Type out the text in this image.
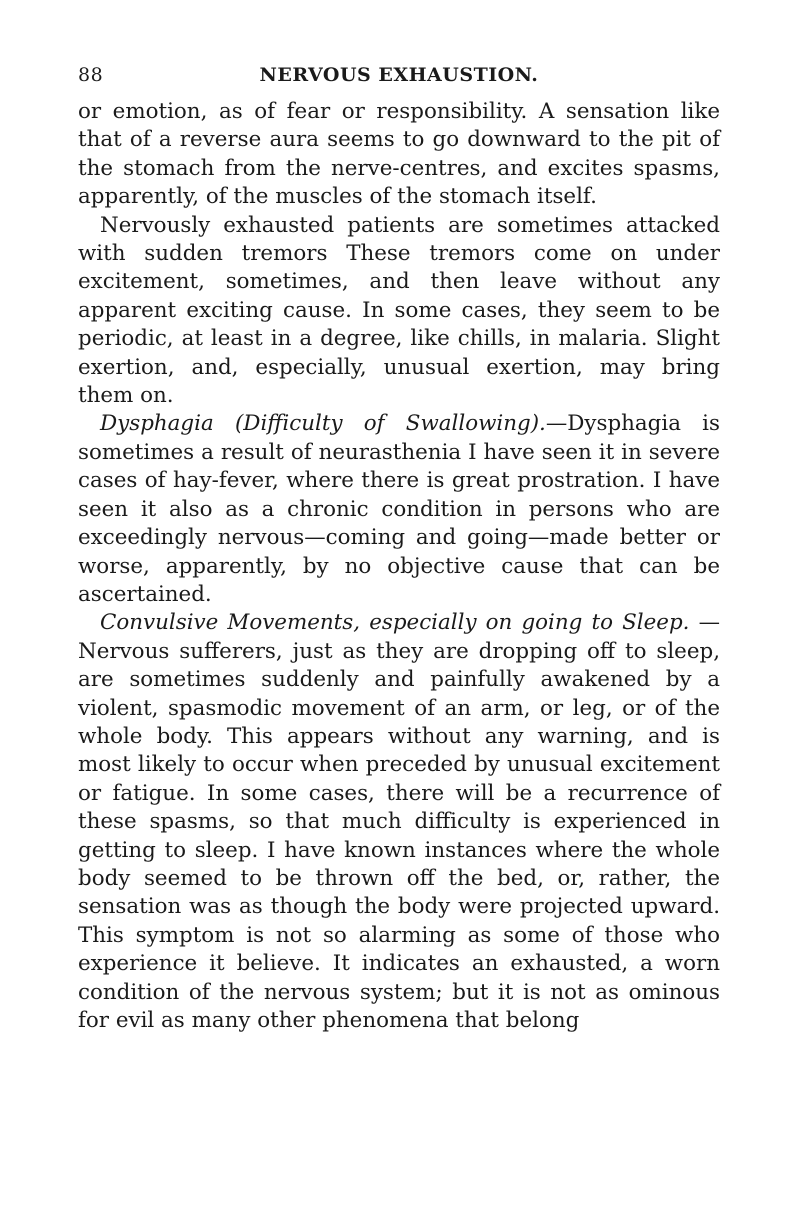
88	NERVOUS EXHAUSTION.

or emotion, as of fear or responsibility. A sensation like that of a reverse aura seems to go downward to the pit of the stomach from the nerve-centres, and excites spasms, apparently, of the muscles of the stomach itself.

Nervously exhausted patients are sometimes attacked with sudden tremors These tremors come on under excitement, sometimes, and then leave without any apparent exciting cause. In some cases, they seem to be periodic, at least in a degree, like chills, in malaria. Slight exertion, and, especially, unusual exertion, may bring them on.

Dysphagia (Difficulty of Swallowing).—Dysphagia is sometimes a result of neurasthenia I have seen it in severe cases of hay-fever, where there is great prostration. I have seen it also as a chronic condition in persons who are exceedingly nervous—coming and going—made better or worse, apparently, by no objective cause that can be ascertained.

Convulsive Movements, especially on going to Sleep. —Nervous sufferers, just as they are dropping off to sleep, are sometimes suddenly and painfully awakened by a violent, spasmodic movement of an arm, or leg, or of the whole body. This appears without any warning, and is most likely to occur when preceded by unusual excitement or fatigue. In some cases, there will be a recurrence of these spasms, so that much difficulty is experienced in getting to sleep. I have known instances where the whole body seemed to be thrown off the bed, or, rather, the sensation was as though the body were projected upward. This symptom is not so alarming as some of those who experience it believe. It indicates an exhausted, a worn condition of the nervous system; but it is not as ominous for evil as many other phenomena that belong
